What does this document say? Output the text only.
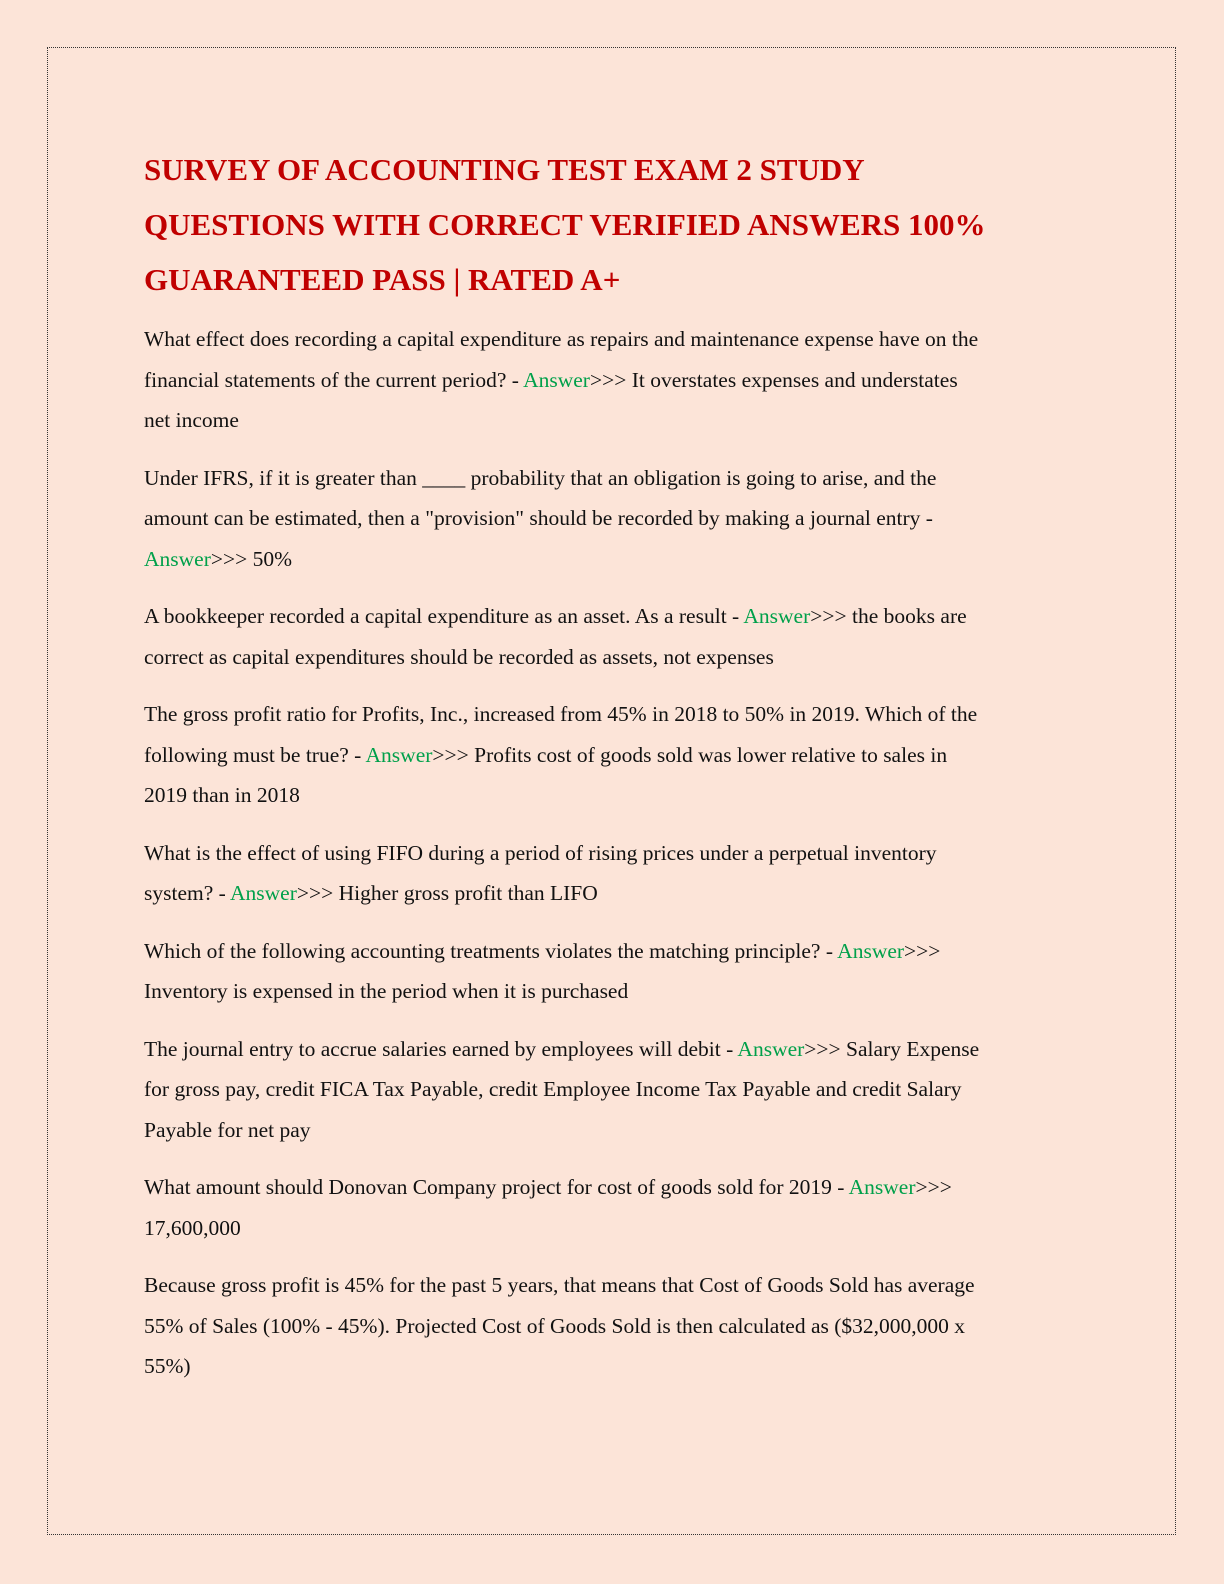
SURVEY OF ACCOUNTING TEST EXAM 2 STUDY
QUESTIONS WITH CORRECT VERIFIED ANSWERS 100%
GUARANTEED PASS | RATED A+

What effect does recording a capital expenditure as repairs and maintenance expense have on the
financial statements of the current period? - Answer>>> It overstates expenses and understates
net income

Under IFRS, if it is greater than ____ probability that an obligation is going to arise, and the
amount can be estimated, then a "provision" should be recorded by making a journal entry -
Answer>>> 50%

A bookkeeper recorded a capital expenditure as an asset. As a result - Answer>>> the books are
correct as capital expenditures should be recorded as assets, not expenses

The gross profit ratio for Profits, Inc., increased from 45% in 2018 to 50% in 2019. Which of the
following must be true? - Answer>>> Profits cost of goods sold was lower relative to sales in
2019 than in 2018

What is the effect of using FIFO during a period of rising prices under a perpetual inventory
system? - Answer>>> Higher gross profit than LIFO

Which of the following accounting treatments violates the matching principle? - Answer>>>
Inventory is expensed in the period when it is purchased

The journal entry to accrue salaries earned by employees will debit - Answer>>> Salary Expense
for gross pay, credit FICA Tax Payable, credit Employee Income Tax Payable and credit Salary
Payable for net pay

What amount should Donovan Company project for cost of goods sold for 2019 - Answer>>>
17,600,000

Because gross profit is 45% for the past 5 years, that means that Cost of Goods Sold has average
55% of Sales (100% - 45%). Projected Cost of Goods Sold is then calculated as ($32,000,000 x
55%)
